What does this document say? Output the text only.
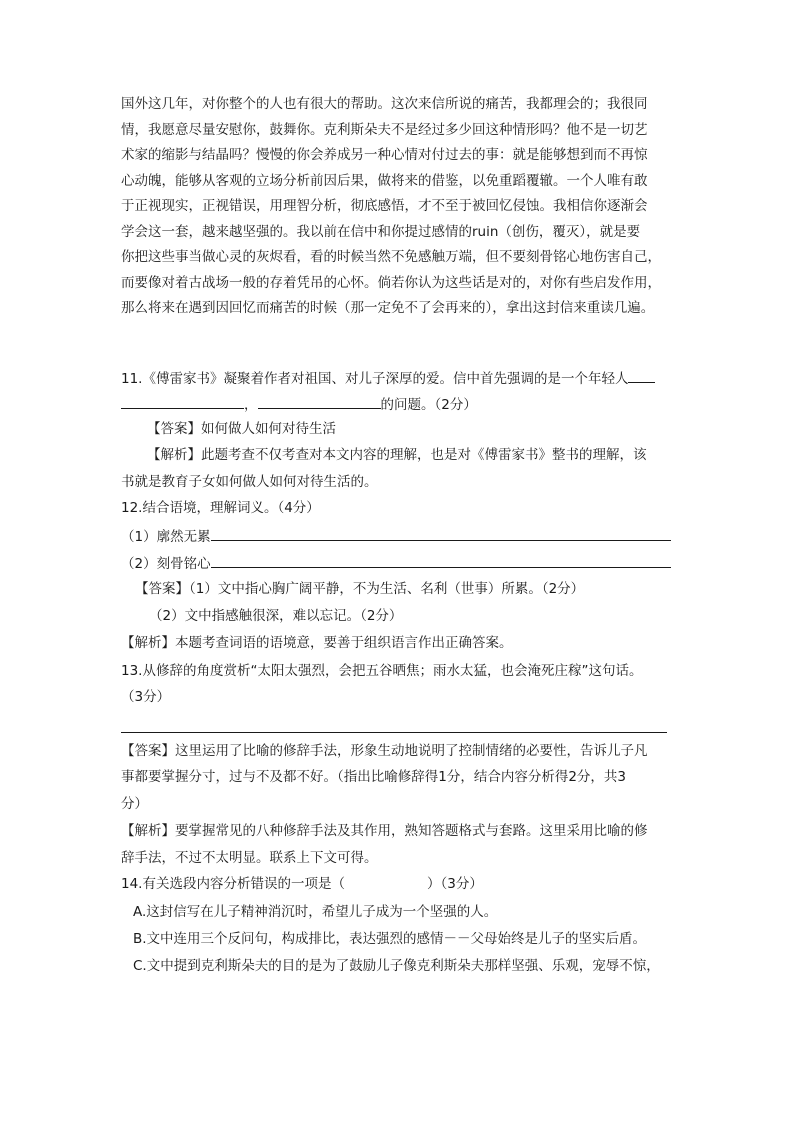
国外这几年，对你整个的人也有很大的帮助。这次来信所说的痛苦，我都理会的；我很同
情，我愿意尽量安慰你，鼓舞你。克利斯朵夫不是经过多少回这种情形吗？他不是一切艺
术家的缩影与结晶吗？慢慢的你会养成另一种心情对付过去的事：就是能够想到而不再惊
心动魄，能够从客观的立场分析前因后果，做将来的借鉴，以免重蹈覆辙。一个人唯有敢
于正视现实，正视错误，用理智分析，彻底感悟，才不至于被回忆侵蚀。我相信你逐渐会
学会这一套，越来越坚强的。我以前在信中和你提过感情的ruin（创伤，覆灭），就是要
你把这些事当做心灵的灰烬看，看的时候当然不免感触万端，但不要刻骨铭心地伤害自己，
而要像对着古战场一般的存着凭吊的心怀。倘若你认为这些话是对的，对你有些启发作用，
那么将来在遇到因回忆而痛苦的时候（那一定免不了会再来的），拿出这封信来重读几遍。
11.《傅雷家书》凝聚着作者对祖国、对儿子深厚的爱。信中首先强调的是一个年轻人
，	的问题。（2分）
【答案】如何做人如何对待生活
【解析】此题考查不仅考查对本文内容的理解，也是对《傅雷家书》整书的理解，该
书就是教育子女如何做人如何对待生活的。
12.结合语境，理解词义。（4分）
（1）廓然无累
（2）刻骨铭心
【答案】（1）文中指心胸广阔平静，不为生活、名利（世事）所累。（2分）
（2）文中指感触很深，难以忘记。（2分）
【解析】本题考查词语的语境意，要善于组织语言作出正确答案。
13.从修辞的角度赏析“太阳太强烈，会把五谷晒焦；雨水太猛，也会淹死庄稼”这句话。
（3分）
【答案】这里运用了比喻的修辞手法，形象生动地说明了控制情绪的必要性，告诉儿子凡
事都要掌握分寸，过与不及都不好。（指出比喻修辞得1分，结合内容分析得2分，共3
分）
【解析】要掌握常见的八种修辞手法及其作用，熟知答题格式与套路。这里采用比喻的修
辞手法，不过不太明显。联系上下文可得。
14.有关选段内容分析错误的一项是（	）（3分）
A.这封信写在儿子精神消沉时，希望儿子成为一个坚强的人。
B.文中连用三个反问句，构成排比，表达强烈的感情－－父母始终是儿子的坚实后盾。
C.文中提到克利斯朵夫的目的是为了鼓励儿子像克利斯朵夫那样坚强、乐观，宠辱不惊，
